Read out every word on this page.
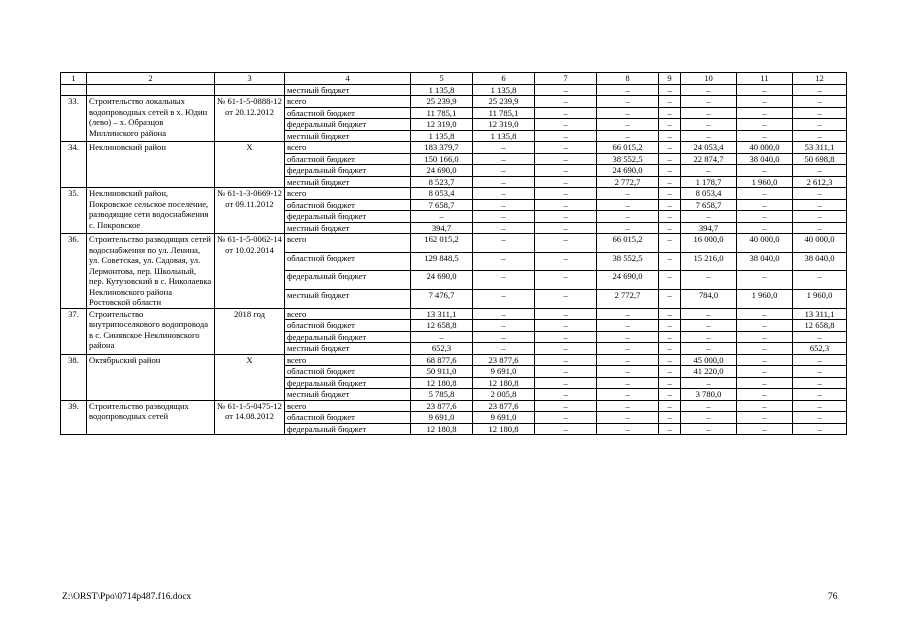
1	2	3	4	5	6	7	8	9	10	11	12
			местный бюджет	1 135,8	1 135,8	–	–	–	–	–	–
33.	Строительство локальных водопроводных сетей в х. Юдин (лево) – х. Образцов Миллинского района	№ 61-1-5-0888-12 от 20.12.2012	всего	25 239,9	25 239,9	–	–	–	–	–	–
			областной бюджет	11 785,1	11 785,1	–	–	–	–	–	–
			федеральный бюджет	12 319,0	12 319,0	–	–	–	–	–	–
			местный бюджет	1 135,8	1 135,8	–	–	–	–	–	–
34.	Неклиновский район	Х	всего	183 379,7	–	–	66 015,2	–	24 053,4	40 000,0	53 311,1
			областной бюджет	150 166,0	–	–	38 552,5	–	22 874,7	38 040,0	50 698,8
			федеральный бюджет	24 690,0	–	–	24 690,0	–	–	–	–
			местный бюджет	8 523,7	–	–	2 772,7	–	1 178,7	1 960,0	2 612,3
35.	Неклиновский район, Покровское сельское поселение, разводящие сети водоснабжения с. Покровское	№ 61-1-3-0669-12 от 09.11.2012	всего	8 053,4	–	–	–	–	8 053,4	–	–
			областной бюджет	7 658,7	–	–	–	–	7 658,7	–	–
			федеральный бюджет	–	–	–	–	–	–	–	–
			местный бюджет	394,7	–	–	–	–	394,7	–	–
36.	Строительство разводящих сетей водоснабжения по ул. Ленина, ул. Советская, ул. Садовая, ул. Лермонтова, пер. Школьный, пер. Кутузовский в с. Николаевка Неклиновского района Ростовской области	№ 61-1-5-0062-14 от 10.02.2014	всего	162 015,2	–	–	66 015,2	–	16 000,0	40 000,0	40 000,0
			областной бюджет	129 848,5	–	–	38 552,5	–	15 216,0	38 040,0	38 040,0
			федеральный бюджет	24 690,0	–	–	24 690,0	–	–	–	–
			местный бюджет	7 476,7	–	–	2 772,7	–	784,0	1 960,0	1 960,0
37.	Строительство внутрипоселкового водопровода в с. Синявское Неклиновского района	2018 год	всего	13 311,1	–	–	–	–	–	–	13 311,1
			областной бюджет	12 658,8	–	–	–	–	–	–	12 658,8
			федеральный бюджет	–	–	–	–	–	–	–	–
			местный бюджет	652,3	–	–	–	–	–	–	652,3
38.	Октябрьский район	Х	всего	68 877,6	23 877,6	–	–	–	45 000,0	–	–
			областной бюджет	50 911,0	9 691,0	–	–	–	41 220,0	–	–
			федеральный бюджет	12 180,8	12 180,8	–	–	–	–	–	–
			местный бюджет	5 785,8	2 005,8	–	–	–	3 780,0	–	–
39.	Строительство разводящих водопроводных сетей	№ 61-1-5-0475-12 от 14.08.2012	всего	23 877,6	23 877,6	–	–	–	–	–	–
			областной бюджет	9 691,0	9 691,0	–	–	–	–	–	–
			федеральный бюджет	12 180,8	12 180,8	–	–	–	–	–	–
Z:\ORST\Ppo\0714p487.f16.docx	76
